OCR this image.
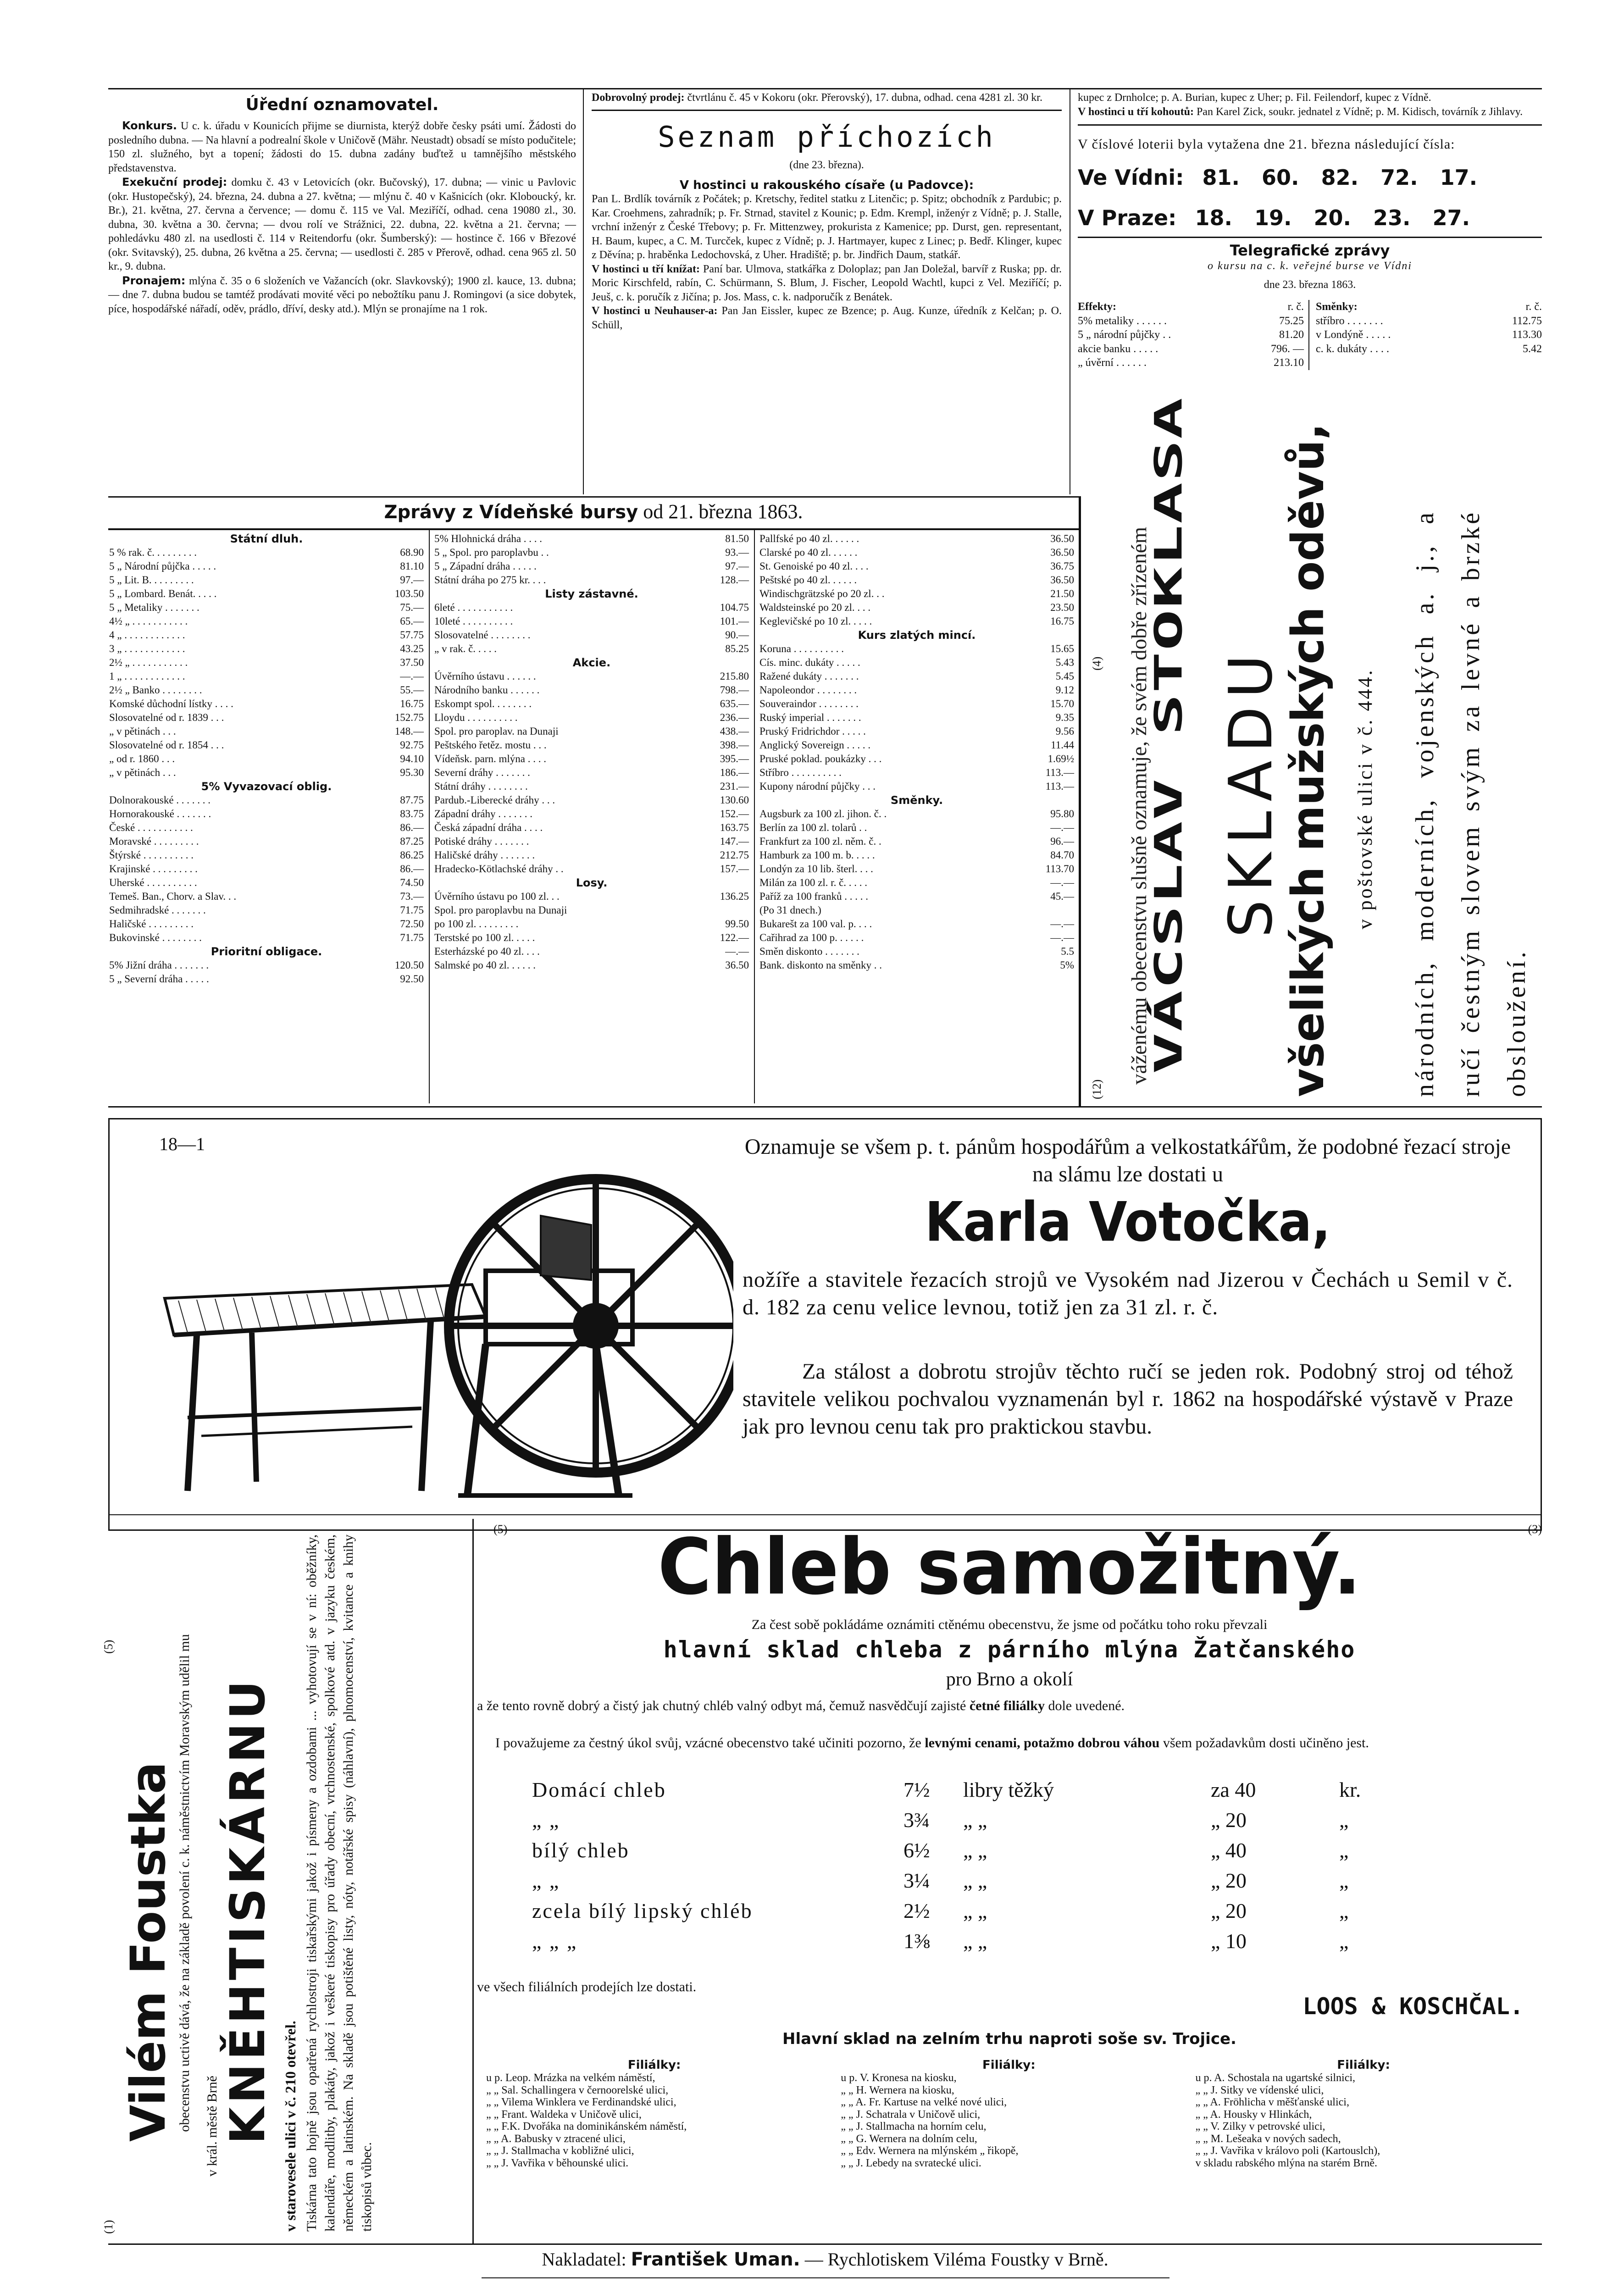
Úřední oznamovatel.
Konkurs. U c. k. úřadu v Kounicích přijme se diurnista, kterýž dobře česky psáti umí. Žádosti do posledního dubna. — Na hlavní a podrealní škole v Uničově (Mähr. Neustadt) obsadí se místo podučitele; 150 zl. služného, byt a topení; žádosti do 15. dubna zadány buďtež u tamnějšího městského představenstva.
Exekuční prodej: domku č. 43 v Letovicích (okr. Bučovský), 17. dubna; — vinic u Pavlovic (okr. Hustopečský), 24. března, 24. dubna a 27. května; — mlýnu č. 40 v Kašnicích (okr. Kloboucký, kr. Br.), 21. května, 27. června a července; — domu č. 115 ve Val. Meziříčí, odhad. cena 19080 zl., 30. dubna, 30. května a 30. června; — dvou rolí ve Strážnici, 22. dubna, 22. května a 21. června; — pohledávku 480 zl. na usedlosti č. 114 v Reitendorfu (okr. Šumberský): — hostince č. 166 v Březové (okr. Svitavský), 25. dubna, 26 května a 25. června; — usedlosti č. 285 v Přerově, odhad. cena 965 zl. 50 kr., 9. dubna.
Pronajem: mlýna č. 35 o 6 složeních ve Važancích (okr. Slavkovský); 1900 zl. kauce, 13. dubna; — dne 7. dubna budou se tamtéž prodávati movité věci po nebožtíku panu J. Romingovi (a sice dobytek, píce, hospodářské nářadí, oděv, prádlo, dříví, desky atd.). Mlýn se pronajíme na 1 rok.
Dobrovolný prodej: čtvrtlánu č. 45 v Kokoru (okr. Přerovský), 17. dubna, odhad. cena 4281 zl. 30 kr.
Seznam příchozích
(dne 23. března).
V hostinci u rakouského císaře (u Padovce):
Pan L. Brdlík továrník z Počátek; p. Kretschy, ředitel statku z Litenčic; p. Spitz; obchodník z Pardubic; p. Kar. Croehmens, zahradník; p. Fr. Strnad, stavitel z Kounic; p. Edm. Krempl, inženýr z Vídně; p. J. Stalle, vrchní inženýr z České Třebovy; p. Fr. Mittenzwey, prokurista z Kamenice; pp. Durst, gen. representant, H. Baum, kupec, a C. M. Turcček, kupec z Vídně; p. J. Hartmayer, kupec z Linec; p. Bedř. Klinger, kupec z Děvína; p. hraběnka Ledochovská, z Uher. Hradiště; p. br. Jindřich Daum, statkář.
V hostinci u tří knížat: Paní bar. Ulmova, statkářka z Doloplaz; pan Jan Doležal, barvíř z Ruska; pp. dr. Moric Kirschfeld, rabín, C. Schürmann, S. Blum, J. Fischer, Leopold Wachtl, kupci z Vel. Meziříčí; p. Jeuš, c. k. poručík z Jičína; p. Jos. Mass, c. k. nadporučík z Benátek.
V hostinci u Neuhauser-a: Pan Jan Eissler, kupec ze Bzence; p. Aug. Kunze, úředník z Kelčan; p. O. Schüll,
kupec z Drnholce; p. A. Burian, kupec z Uher; p. Fil. Feilendorf, kupec z Vídně.
V hostinci u tří kohoutů: Pan Karel Zick, soukr. jednatel z Vídně; p. M. Kidisch, továrník z Jihlavy.
V číslové loterii byla vytažena dne 21. března následující čísla:
Ve Vídni: 81.   60.   82.   72.   17.
V Praze: 18.   19.   20.   23.   27.
Telegrafické zprávy
o kursu na c. k. veřejné burse ve Vídni
dne 23. března 1863.
Effekty:	r. č.
5% metaliky . . . . . .	75.25
5 „ národní půjčky . .	81.20
akcie banku . . . . .	796. —
„ úvěrní . . . . . .	213.10
Směnky:	r. č.
stříbro . . . . . . .	112.75
v Londýně . . . . .	113.30
c. k. dukáty . . . .	5.42
Zprávy z Vídeňské bursy od 21. března 1863.
Státní dluh.	
5 % rak. č. . . . . . . . .	68.90
5 „ Národní půjčka . . . . .	81.10
5 „ Lit. B. . . . . . . . .	97.—
5 „ Lombard. Benát. . . . .	103.50
5 „ Metaliky . . . . . . .	75.—
4½ „ . . . . . . . . . . .	65.—
4 „ . . . . . . . . . . . .	57.75
3 „ . . . . . . . . . . . .	43.25
2½ „ . . . . . . . . . . .	37.50
1 „ . . . . . . . . . . . .	—.—
2½ „ Banko . . . . . . . .	55.—
Komské důchodní lístky . . . .	16.75
Slosovatelné od r. 1839 . . .	152.75
„ v pětinách . . .	148.—
Slosovatelné od r. 1854 . . .	92.75
„ od r. 1860 . . .	94.10
„ v pětinách . . .	95.30
5% Vyvazovací oblig.	
Dolnorakouské . . . . . . .	87.75
Hornorakouské . . . . . . .	83.75
České . . . . . . . . . . .	86.—
Moravské . . . . . . . . .	87.25
Štýrské . . . . . . . . . .	86.25
Krajinské . . . . . . . . .	86.—
Uherské . . . . . . . . . .	74.50
Temeš. Ban., Chorv. a Slav. . .	73.—
Sedmihradské . . . . . . .	71.75
Haličské . . . . . . . . .	72.50
Bukovinské . . . . . . . .	71.75
Prioritní obligace.	
5% Jižní dráha . . . . . . .	120.50
5 „ Severní dráha . . . . .	92.50
5% Hlohnická dráha . . . .	81.50
5 „ Spol. pro paroplavbu . .	93.—
5 „ Západní dráha . . . . .	97.—
Státní dráha po 275 kr. . . .	128.—
Listy zástavné.	
6leté . . . . . . . . . . .	104.75
10leté . . . . . . . . . .	101.—
Slosovatelné . . . . . . . .	90.—
„ v rak. č. . . . .	85.25
Akcie.	
Úvěrního ústavu . . . . . .	215.80
Národního banku . . . . . .	798.—
Eskompt spol. . . . . . . .	635.—
Lloydu . . . . . . . . . .	236.—
Spol. pro paroplav. na Dunaji	438.—
Peštského řetěz. mostu . . .	398.—
Vídeňsk. parn. mlýna . . . .	395.—
Severní dráhy . . . . . . .	186.—
Státní dráhy . . . . . . . .	231.—
Pardub.-Liberecké dráhy . . .	130.60
Západní dráhy . . . . . . .	152.—
Česká západní dráha . . . .	163.75
Potiské dráhy . . . . . . .	147.—
Haličské dráhy . . . . . . .	212.75
Hradecko-Kötlachské dráhy . .	157.—
Losy.	
Úvěrního ústavu po 100 zl. . .	136.25
Spol. pro paroplavbu na Dunaji	
po 100 zl. . . . . . . . .	99.50
Terstské po 100 zl. . . . .	122.—
Esterházské po 40 zl. . . .	—.—
Salmské po 40 zl. . . . . .	36.50
Pallfské po 40 zl. . . . . .	36.50
Clarské po 40 zl. . . . . .	36.50
St. Genoiské po 40 zl. . . .	36.75
Peštské po 40 zl. . . . . .	36.50
Windischgrätzské po 20 zl. . .	21.50
Waldsteinské po 20 zl. . . .	23.50
Keglevičské po 10 zl. . . . .	16.75
Kurs zlatých mincí.	
Koruna . . . . . . . . . .	15.65
Cís. minc. dukáty . . . . .	5.43
Ražené dukáty . . . . . . .	5.45
Napoleondor . . . . . . . .	9.12
Souveraindor . . . . . . . .	15.70
Ruský imperial . . . . . . .	9.35
Pruský Fridrichdor . . . . .	9.56
Anglický Sovereign . . . . .	11.44
Pruské poklad. poukázky . . .	1.69½
Stříbro . . . . . . . . . .	113.—
Kupony národní půjčky . . .	113.—
Směnky.	
Augsburk za 100 zl. jihon. č. .	95.80
Berlín za 100 zl. tolarů . .	—.—
Frankfurt za 100 zl. něm. č. .	96.—
Hamburk za 100 m. b. . . . .	84.70
Londýn za 10 lib. šterl. . . .	113.70
Milán za 100 zl. r. č. . . . .	—.—
Paříž za 100 franků . . . . .	45.—
(Po 31 dnech.)	
Bukarešt za 100 val. p. . . .	—.—
Cařihrad za 100 p. . . . . .	—.—
Směn diskonto . . . . . . .	5.5
Bank. diskonto na směnky . .	5%
(4)
(12)
váženému obecenstvu slušně oznamuje, že svém dobře zřízeném
VÁCSLAV STOKLASA SKLADU
všelikých mužských oděvů, v poštovské ulici v č. 444.	národních, moderních, vojenských a. j., a ručí čestným slovem svým za levné a brzké obsloužení.
18—1	Oznamuje se všem p. t. pánům hospodářům a velkostatkářům, že podobné řezací stroje na slámu lze dostati u
Karla Votočka,
nožíře a stavitele řezacích strojů ve Vysokém nad Jizerou v Čechách u Semil v č. d. 182 za cenu velice levnou, totiž jen za 31 zl. r. č.
Za stálost a dobrotu strojův těchto ručí se jeden rok. Podobný stroj od téhož stavitele velikou pochvalou vyznamenán byl r. 1862 na hospodářské výstavě v Praze jak pro levnou cenu tak pro praktickou stavbu.
(5)
(1)
Vilém Foustka obecenstvu uctivě dává, že na základě povolení c. k. náměstnictvím Moravským udělil mu v král. městě Brně KNĚHTISKÁRNU v starovesele ulici v č. 210 otevřel. Tiskárna tato hojně jsou opatřená rychlostroji tiskařskými jakož i písmeny a ozdobami ... vyhotovují se v ní: oběžníky, kalendáře, modlitby, plakáty, jakož i veškeré tiskopisy pro úřady obecní, vrchnostenské, spolkové atd. v jazyku českém, německém a latinském. Na skladě jsou potištěné listy, nóty, notářské spisy (náhlavní), plnomocenství, kvitance a knihy tiskopisů vůbec.
(5)	(3)
Chleb samožitný.
Za čest sobě pokládáme oznámiti ctěnému obecenstvu, že jsme od počátku toho roku převzali
hlavní sklad chleba z párního mlýna Žatčanského
pro Brno a okolí
a že tento rovně dobrý a čistý jak chutný chléb valný odbyt má, čemuž nasvědčují zajisté četné filiálky dole uvedené.
I považujeme za čestný úkol svůj, vzácné obecenstvo také učiniti pozorno, že levnými cenami, potažmo dobrou váhou všem požadavkům dosti učiněno jest.
Domácí chleb	7½	libry těžký	za 40	kr.
„ „	3¾	„ „	„ 20	„
bílý chleb	6½	„ „	„ 40	„
„ „	3¼	„ „	„ 20	„
zcela bílý lipský chléb	2½	„ „	„ 20	„
„ „ „	1⅜	„ „	„ 10	„
ve všech filiálních prodejích lze dostati.
LOOS & KOSCHČAL.
Hlavní sklad na zelním trhu naproti soše sv. Trojice.
Filiálky:
u p. Leop. Mrázka na velkém náměstí,
„ „ Sal. Schallingera v černoorelské ulici,
„ „ Vilema Winklera ve Ferdinandské ulici,
„ „ Frant. Waldeka v Uničově ulici,
„ „ F.K. Dvořáka na dominikánském náměstí,
„ „ A. Babusky v ztracené ulici,
„ „ J. Stallmacha v kobližné ulici,
„ „ J. Vavřika v běhounské ulici.
Filiálky:
u p. V. Kronesa na kiosku,
„ „ H. Wernera na kiosku,
„ „ A. Fr. Kartuse na velké nové ulici,
„ „ J. Schatrala v Uničově ulici,
„ „ J. Stallmacha na horním celu,
„ „ G. Wernera na dolním celu,
„ „ Edv. Wernera na mlýnském „ řikopě,
„ „ J. Lebedy na svratecké ulici.
Filiálky:
u p. A. Schostala na ugartské silnici,
„ „ J. Sitky ve vídenské ulici,
„ „ A. Fröhlicha v měšťanské ulici,
„ „ A. Housky v Hlinkách,
„ „ V. Zilky v petrovské ulici,
„ „ M. Lešeaka v nových sadech,
„ „ J. Vavřika v královo poli (Kartouslch),
v skladu rabského mlýna na starém Brně.
Nakladatel: František Uman. — Rychlotiskem Viléma Foustky v Brně.
